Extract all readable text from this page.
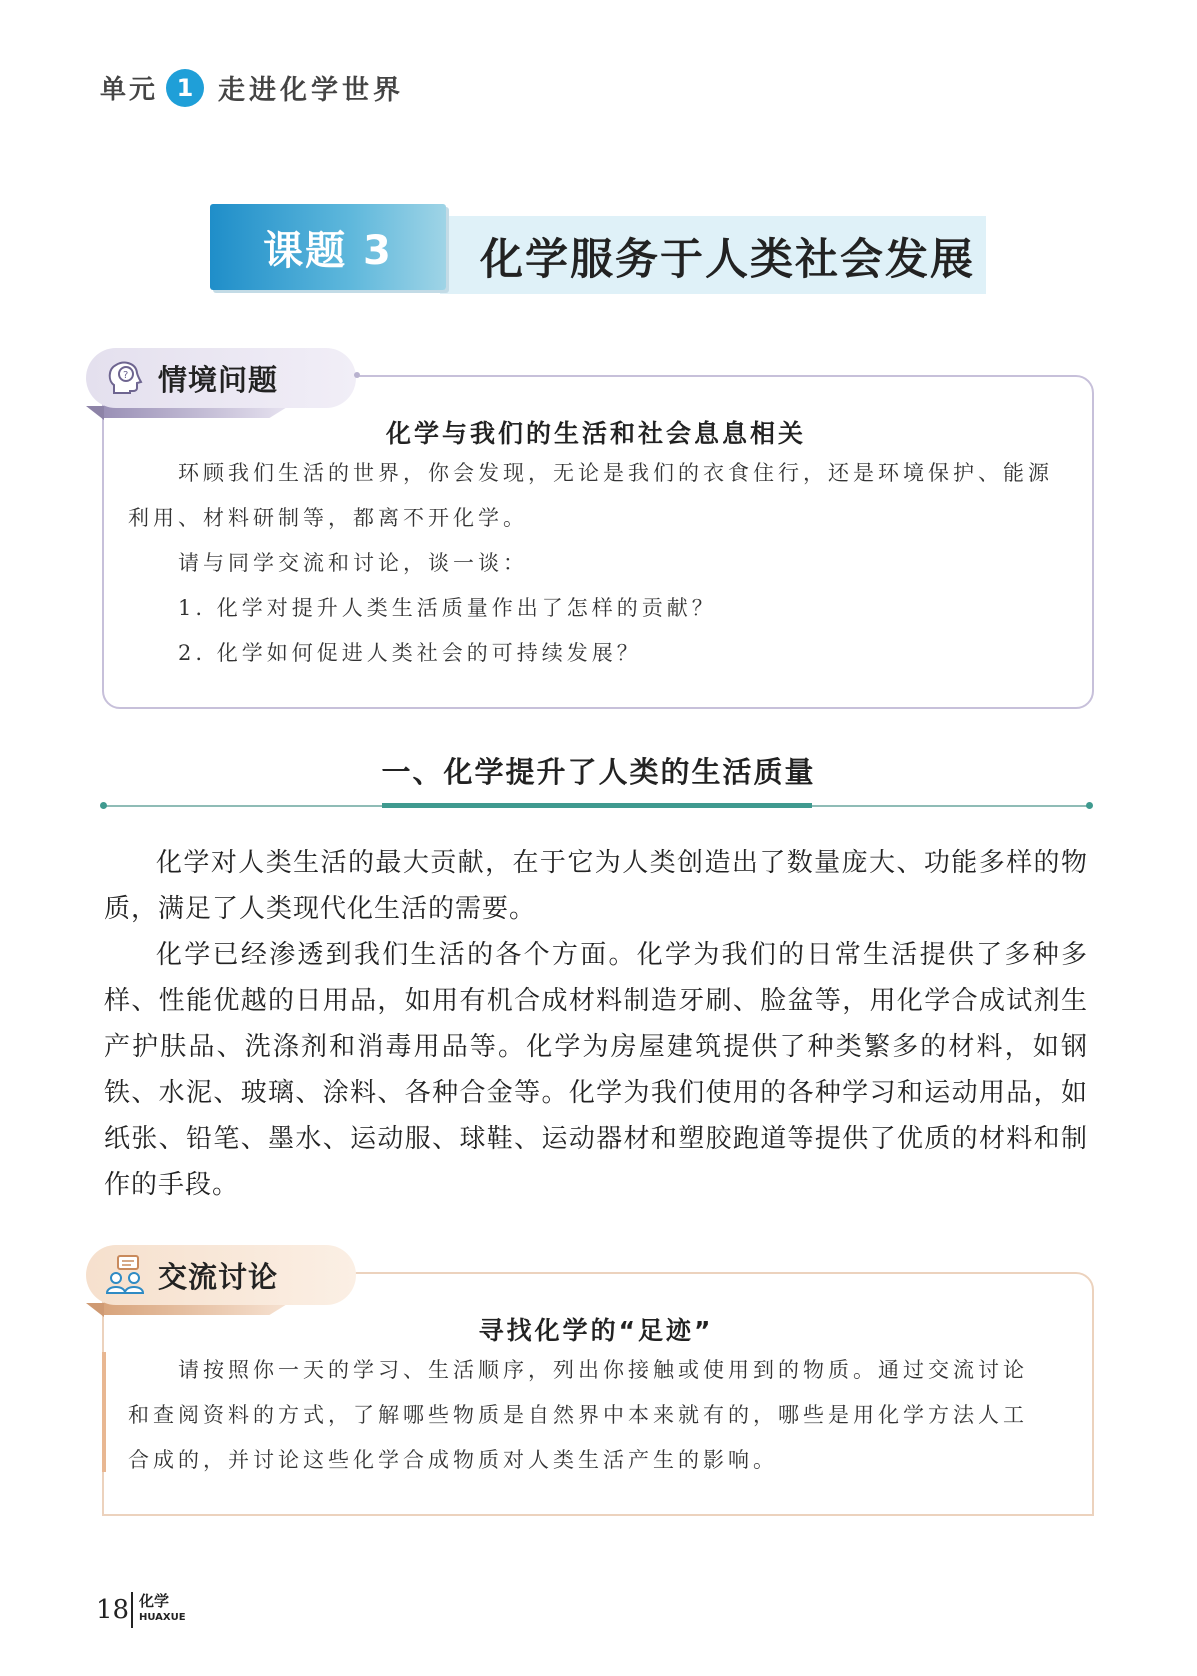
单元 1 走进化学世界
课题 3 化学服务于人类社会发展
? 情境问题
化学与我们的生活和社会息息相关
环顾我们生活的世界，你会发现，无论是我们的衣食住行，还是环境保护、能源
利用、材料研制等，都离不开化学。
请与同学交流和讨论，谈一谈：
1. 化学对提升人类生活质量作出了怎样的贡献？
2. 化学如何促进人类社会的可持续发展？
一、化学提升了人类的生活质量
化学对人类生活的最大贡献，在于它为人类创造出了数量庞大、功能多样的物质，满足了人类现代化生活的需要。
化学已经渗透到我们生活的各个方面。化学为我们的日常生活提供了多种多样、性能优越的日用品，如用有机合成材料制造牙刷、脸盆等，用化学合成试剂生产护肤品、洗涤剂和消毒用品等。化学为房屋建筑提供了种类繁多的材料，如钢铁、水泥、玻璃、涂料、各种合金等。化学为我们使用的各种学习和运动用品，如纸张、铅笔、墨水、运动服、球鞋、运动器材和塑胶跑道等提供了优质的材料和制作的手段。
交流讨论
寻找化学的“足迹”
请按照你一天的学习、生活顺序，列出你接触或使用到的物质。通过交流讨论
和查阅资料的方式，了解哪些物质是自然界中本来就有的，哪些是用化学方法人工
合成的，并讨论这些化学合成物质对人类生活产生的影响。
18 化学
HUAXUE
